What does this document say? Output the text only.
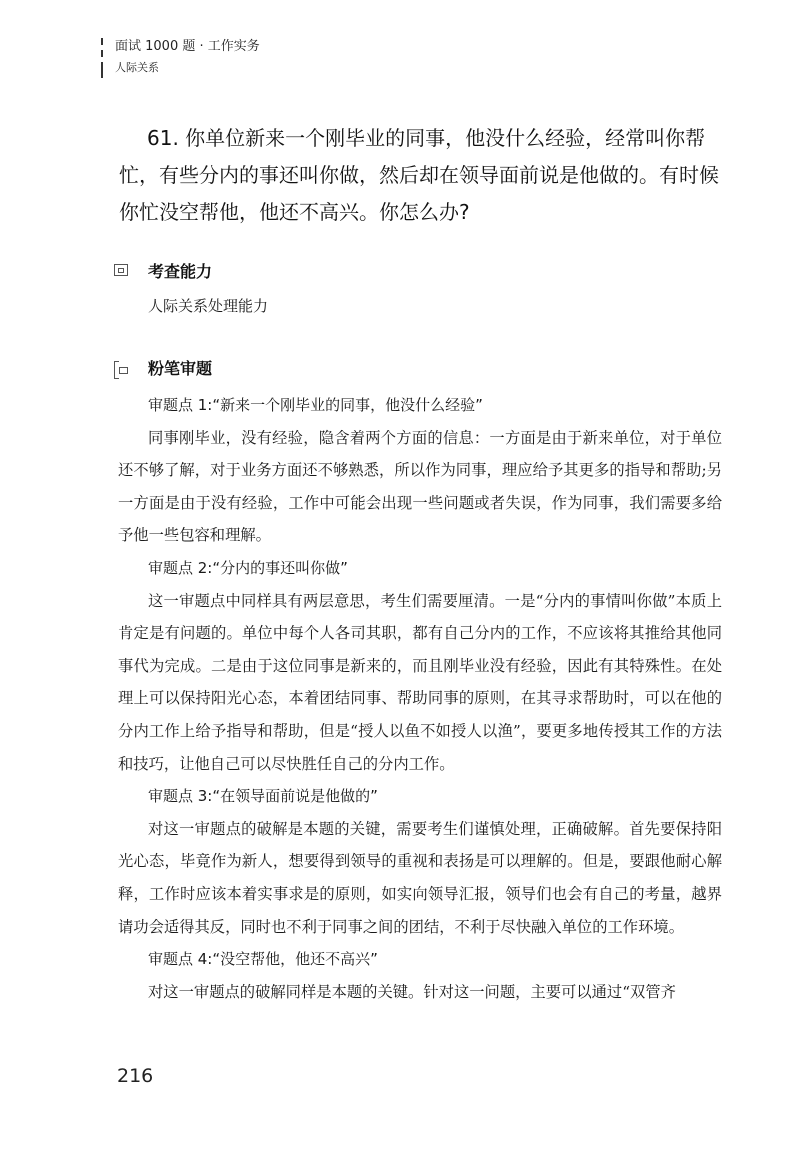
面试 1000 题 · 工作实务
人际关系

61. 你单位新来一个刚毕业的同事，他没什么经验，经常叫你帮忙，有些分内的事还叫你做，然后却在领导面前说是他做的。有时候你忙没空帮他，他还不高兴。你怎么办?

考查能力
人际关系处理能力
粉笔审题

审题点 1:“新来一个刚毕业的同事，他没什么经验”

同事刚毕业，没有经验，隐含着两个方面的信息：一方面是由于新来单位，对于单位还不够了解，对于业务方面还不够熟悉，所以作为同事，理应给予其更多的指导和帮助;另一方面是由于没有经验，工作中可能会出现一些问题或者失误，作为同事，我们需要多给予他一些包容和理解。

审题点 2:“分内的事还叫你做”

这一审题点中同样具有两层意思，考生们需要厘清。一是“分内的事情叫你做”本质上肯定是有问题的。单位中每个人各司其职，都有自己分内的工作，不应该将其推给其他同事代为完成。二是由于这位同事是新来的，而且刚毕业没有经验，因此有其特殊性。在处理上可以保持阳光心态，本着团结同事、帮助同事的原则，在其寻求帮助时，可以在他的分内工作上给予指导和帮助，但是“授人以鱼不如授人以渔”，要更多地传授其工作的方法和技巧，让他自己可以尽快胜任自己的分内工作。

审题点 3:“在领导面前说是他做的”

对这一审题点的破解是本题的关键，需要考生们谨慎处理，正确破解。首先要保持阳光心态，毕竟作为新人，想要得到领导的重视和表扬是可以理解的。但是，要跟他耐心解释，工作时应该本着实事求是的原则，如实向领导汇报，领导们也会有自己的考量，越界请功会适得其反，同时也不利于同事之间的团结，不利于尽快融入单位的工作环境。

审题点 4:“没空帮他，他还不高兴”

对这一审题点的破解同样是本题的关键。针对这一问题，主要可以通过“双管齐

216
